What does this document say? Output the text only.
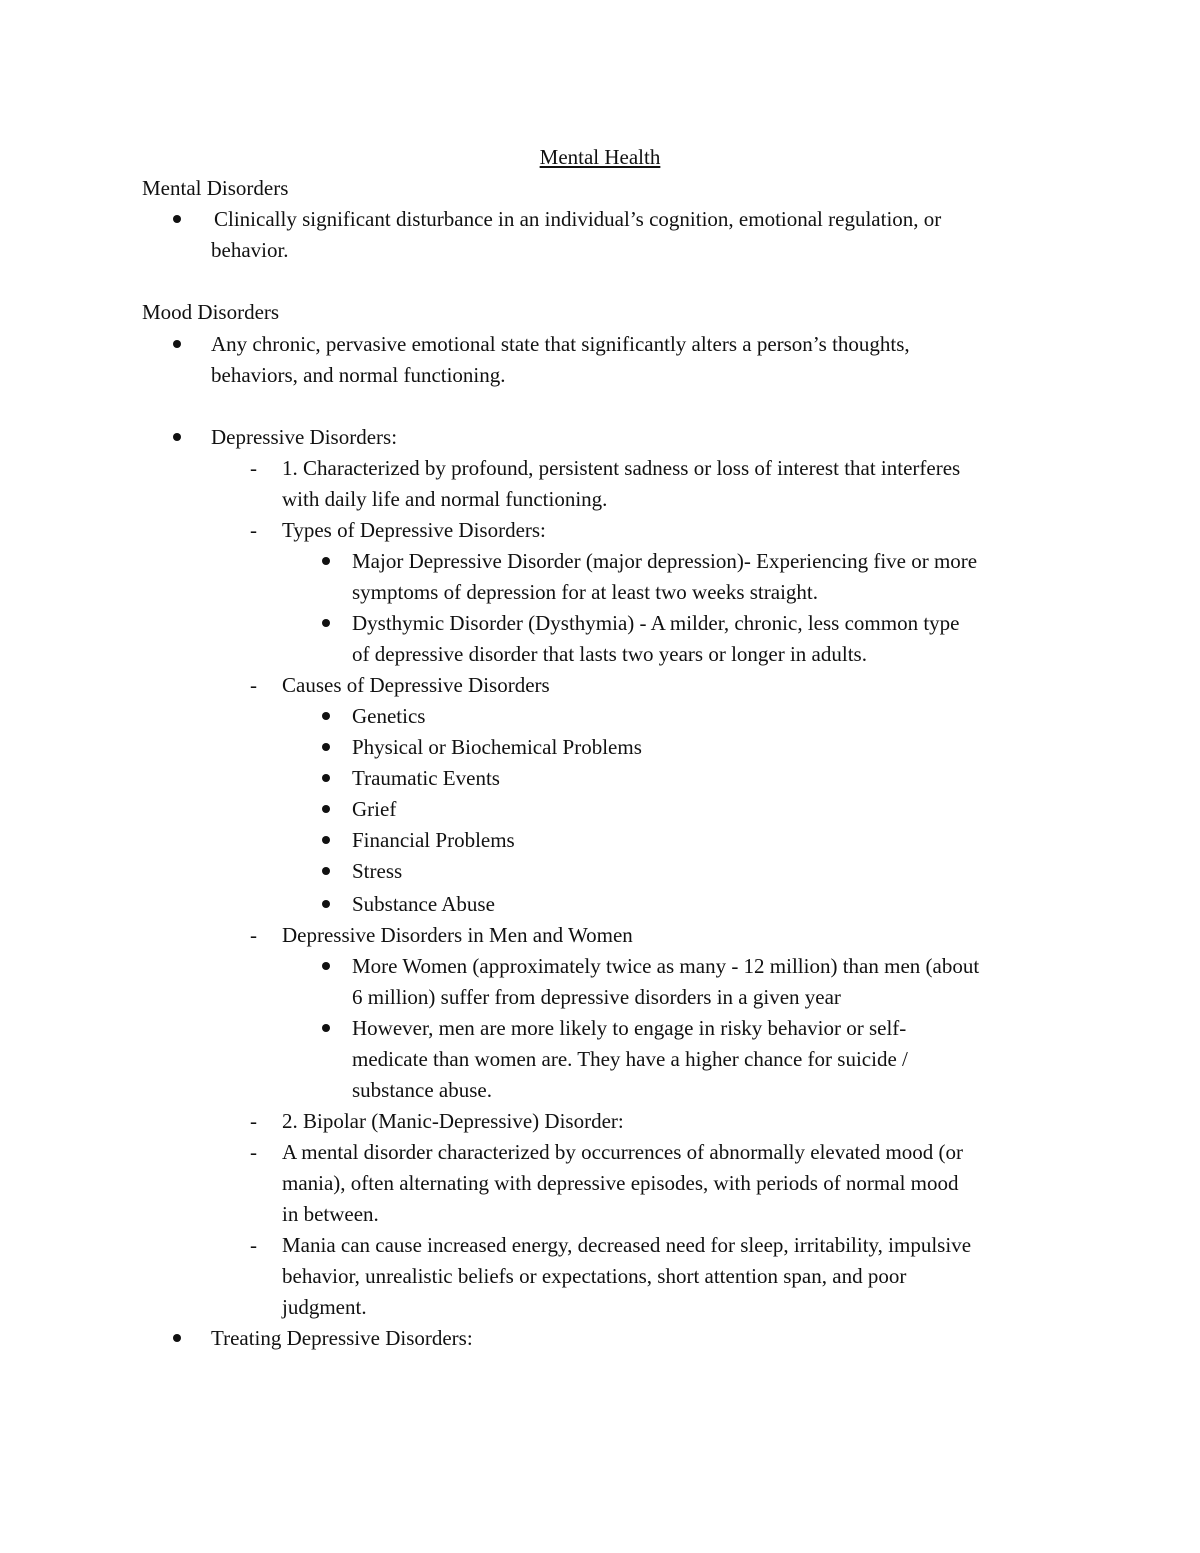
Mental Health
Mental Disorders
Clinically significant disturbance in an individual’s cognition, emotional regulation, or
behavior.
Mood Disorders
Any chronic, pervasive emotional state that significantly alters a person’s thoughts,
behaviors, and normal functioning.
Depressive Disorders:
- 1. Characterized by profound, persistent sadness or loss of interest that interferes
with daily life and normal functioning.
- Types of Depressive Disorders:
Major Depressive Disorder (major depression)- Experiencing five or more
symptoms of depression for at least two weeks straight.
Dysthymic Disorder (Dysthymia) - A milder, chronic, less common type
of depressive disorder that lasts two years or longer in adults.
- Causes of Depressive Disorders
Genetics
Physical or Biochemical Problems
Traumatic Events
Grief
Financial Problems
Stress
Substance Abuse
- Depressive Disorders in Men and Women
More Women (approximately twice as many - 12 million) than men (about
6 million) suffer from depressive disorders in a given year
However, men are more likely to engage in risky behavior or self-
medicate than women are. They have a higher chance for suicide /
substance abuse.
- 2. Bipolar (Manic-Depressive) Disorder:
- A mental disorder characterized by occurrences of abnormally elevated mood (or
mania), often alternating with depressive episodes, with periods of normal mood
in between.
- Mania can cause increased energy, decreased need for sleep, irritability, impulsive
behavior, unrealistic beliefs or expectations, short attention span, and poor
judgment.
Treating Depressive Disorders:
